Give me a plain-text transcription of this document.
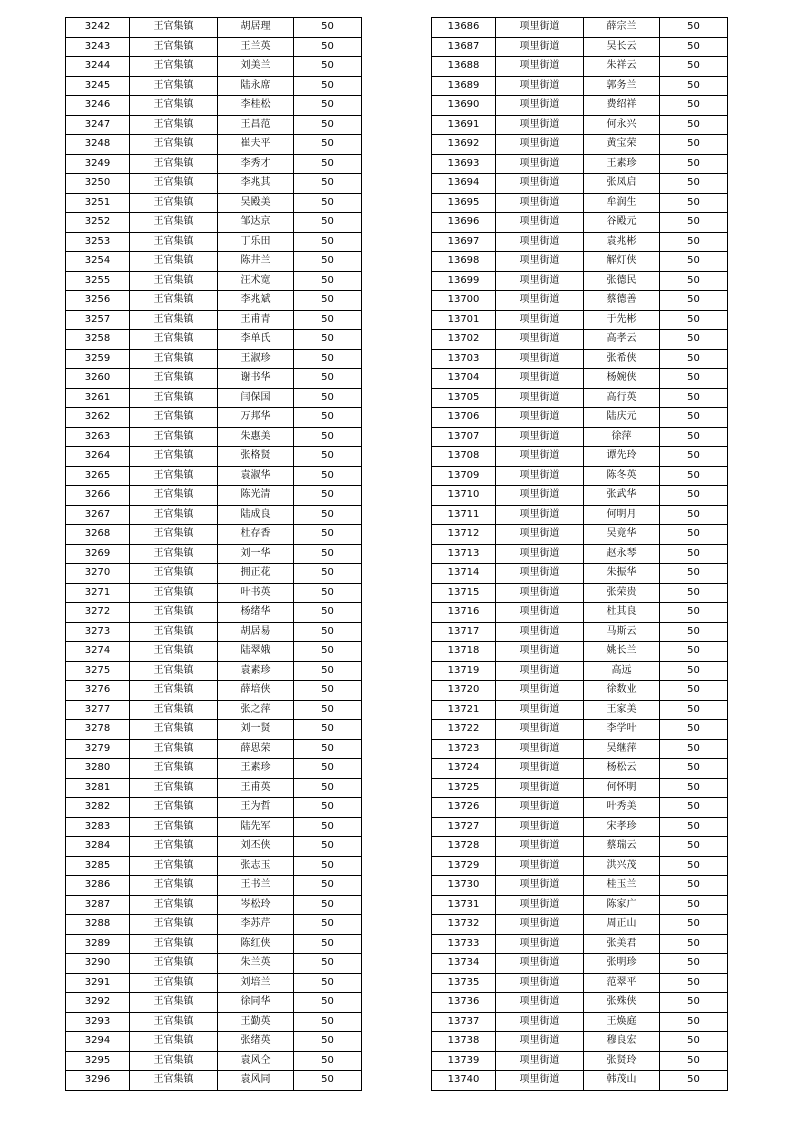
3242	王官集镇	胡居理	50
3243	王官集镇	王兰英	50
3244	王官集镇	刘美兰	50
3245	王官集镇	陆永席	50
3246	王官集镇	李桂松	50
3247	王官集镇	王昌范	50
3248	王官集镇	崔夫平	50
3249	王官集镇	李秀才	50
3250	王官集镇	李兆其	50
3251	王官集镇	吴殿美	50
3252	王官集镇	邹达京	50
3253	王官集镇	丁乐田	50
3254	王官集镇	陈井兰	50
3255	王官集镇	汪术宽	50
3256	王官集镇	李兆斌	50
3257	王官集镇	王甫青	50
3258	王官集镇	李单氏	50
3259	王官集镇	王淑珍	50
3260	王官集镇	谢书华	50
3261	王官集镇	闫保国	50
3262	王官集镇	万邦华	50
3263	王官集镇	朱惠美	50
3264	王官集镇	张格贤	50
3265	王官集镇	袁淑华	50
3266	王官集镇	陈光清	50
3267	王官集镇	陆成良	50
3268	王官集镇	杜存香	50
3269	王官集镇	刘一华	50
3270	王官集镇	拥正花	50
3271	王官集镇	叶书英	50
3272	王官集镇	杨绪华	50
3273	王官集镇	胡居易	50
3274	王官集镇	陆翠娥	50
3275	王官集镇	袁素珍	50
3276	王官集镇	薛培侠	50
3277	王官集镇	张之萍	50
3278	王官集镇	刘一贤	50
3279	王官集镇	薛思荣	50
3280	王官集镇	王素珍	50
3281	王官集镇	王甫英	50
3282	王官集镇	王为哲	50
3283	王官集镇	陆先军	50
3284	王官集镇	刘丕侠	50
3285	王官集镇	张志玉	50
3286	王官集镇	王书兰	50
3287	王官集镇	岑松玲	50
3288	王官集镇	李苏芹	50
3289	王官集镇	陈红侠	50
3290	王官集镇	朱兰英	50
3291	王官集镇	刘培兰	50
3292	王官集镇	徐同华	50
3293	王官集镇	王勤英	50
3294	王官集镇	张绪英	50
3295	王官集镇	袁风仝	50
3296	王官集镇	袁风同	50
13686	项里街道	薛宗兰	50
13687	项里街道	吴长云	50
13688	项里街道	朱祥云	50
13689	项里街道	郭务兰	50
13690	项里街道	费绍祥	50
13691	项里街道	何永兴	50
13692	项里街道	黄宝荣	50
13693	项里街道	王素珍	50
13694	项里街道	张凤启	50
13695	项里街道	牟润生	50
13696	项里街道	谷殿元	50
13697	项里街道	袁兆彬	50
13698	项里街道	解灯侠	50
13699	项里街道	张德民	50
13700	项里街道	蔡德善	50
13701	项里街道	于先彬	50
13702	项里街道	高孝云	50
13703	项里街道	张希侠	50
13704	项里街道	杨婉侠	50
13705	项里街道	高行英	50
13706	项里街道	陆庆元	50
13707	项里街道	徐萍	50
13708	项里街道	谭先玲	50
13709	项里街道	陈冬英	50
13710	项里街道	张武华	50
13711	项里街道	何明月	50
13712	项里街道	吴竟华	50
13713	项里街道	赵永琴	50
13714	项里街道	朱振华	50
13715	项里街道	张荣贵	50
13716	项里街道	杜其良	50
13717	项里街道	马斯云	50
13718	项里街道	姚长兰	50
13719	项里街道	高远	50
13720	项里街道	徐数业	50
13721	项里街道	王家美	50
13722	项里街道	李学叶	50
13723	项里街道	吴继萍	50
13724	项里街道	杨松云	50
13725	项里街道	何怀明	50
13726	项里街道	叶秀美	50
13727	项里街道	宋孝珍	50
13728	项里街道	蔡瑞云	50
13729	项里街道	洪兴茂	50
13730	项里街道	桂玉兰	50
13731	项里街道	陈家广	50
13732	项里街道	周正山	50
13733	项里街道	张美君	50
13734	项里街道	张明珍	50
13735	项里街道	范翠平	50
13736	项里街道	张殊侠	50
13737	项里街道	王焕庭	50
13738	项里街道	穆良宏	50
13739	项里街道	张贤玲	50
13740	项里街道	韩茂山	50
